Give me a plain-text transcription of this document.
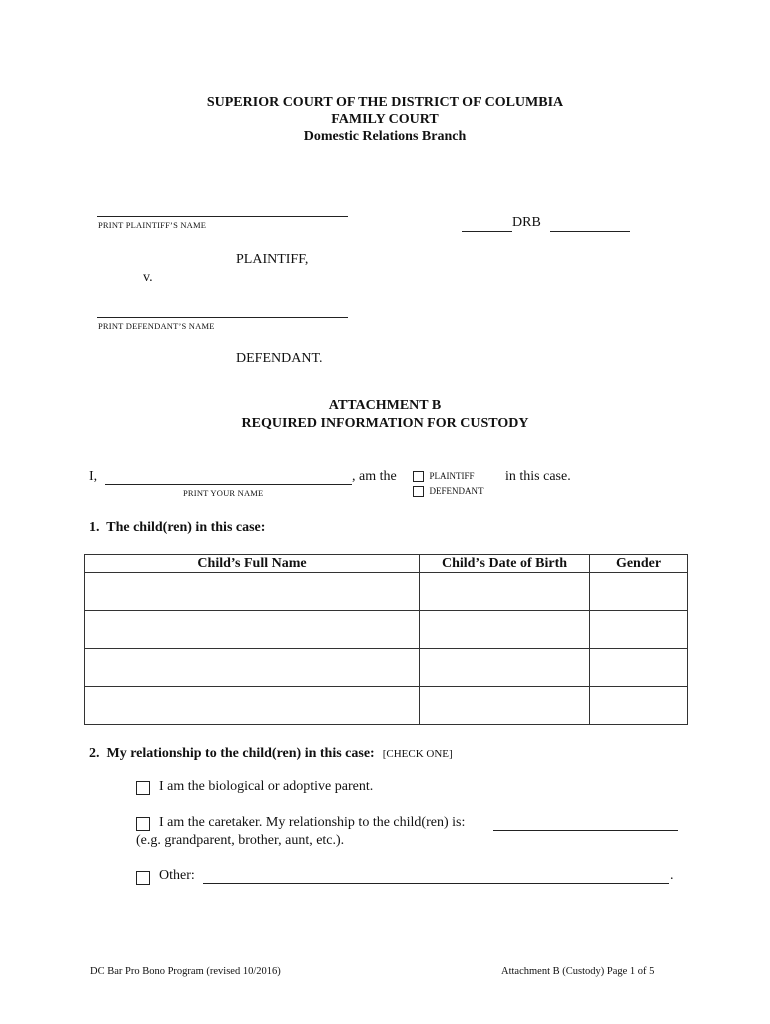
SUPERIOR COURT OF THE DISTRICT OF COLUMBIA
FAMILY COURT
Domestic Relations Branch
PRINT PLAINTIFF’S NAME	DRB
PLAINTIFF,
v.
PRINT DEFENDANT’S NAME
DEFENDANT.
ATTACHMENT B
REQUIRED INFORMATION FOR CUSTODY
I,	, am the
PRINT YOUR NAME
PLAINTIFF
DEFENDANT
in this case.
1.  The child(ren) in this case:
Child’s Full Name	Child’s Date of Birth	Gender

2.  My relationship to the child(ren) in this case: [CHECK ONE]
I am the biological or adoptive parent.
I am the caretaker. My relationship to the child(ren) is:
(e.g. grandparent, brother, aunt, etc.).
Other:	.
DC Bar Pro Bono Program (revised 10/2016)	Attachment B (Custody) Page 1 of 5
